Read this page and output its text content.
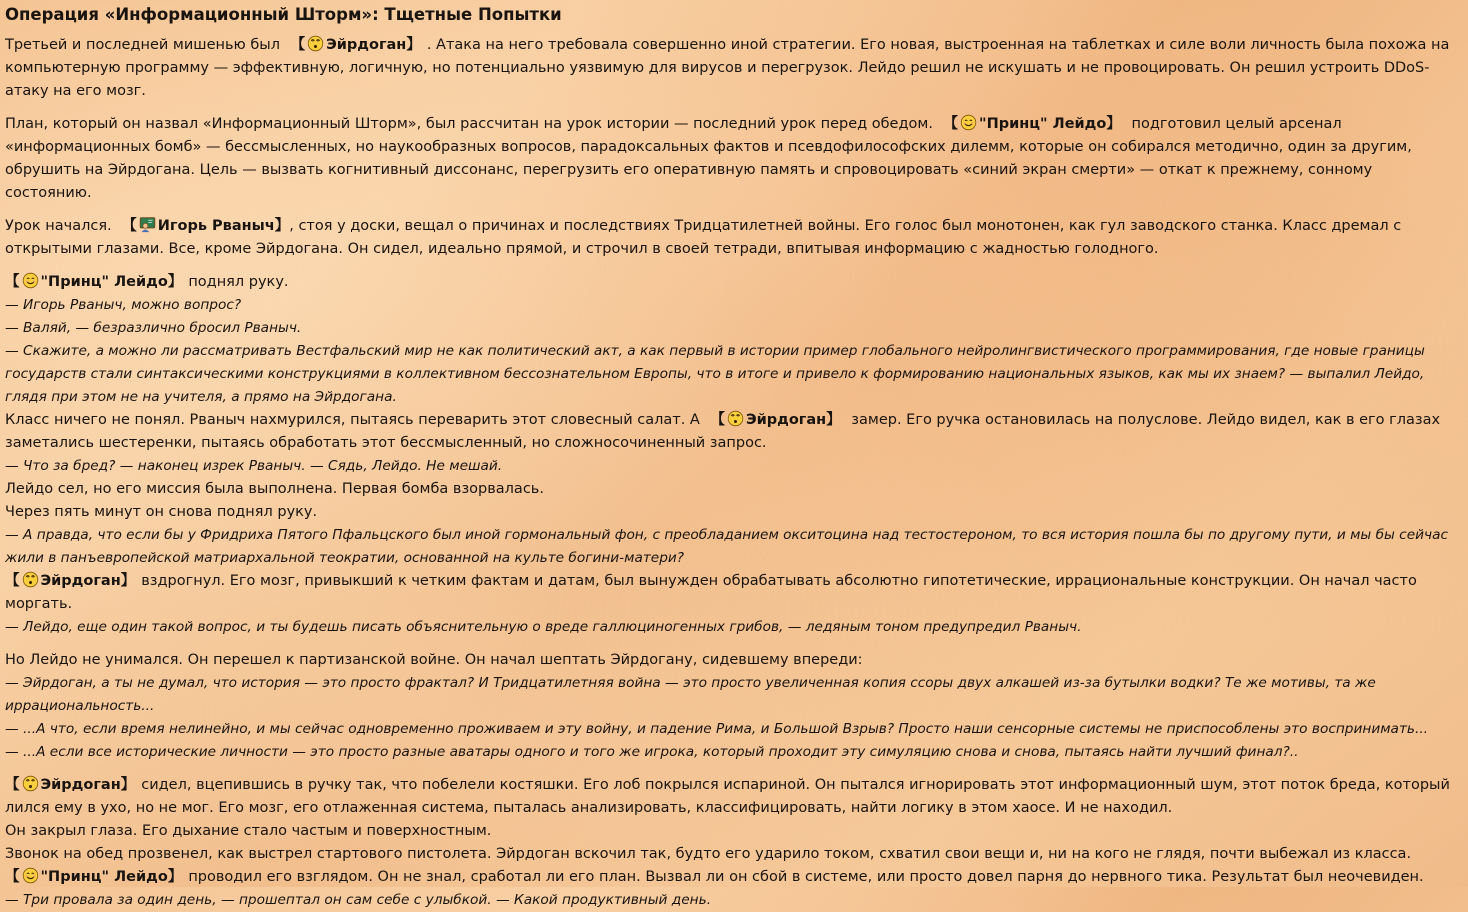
Операция «Информационный Шторм»: Тщетные Попытки
Третьей и последней мишенью был 【 Эйрдоган】 . Атака на него требовала совершенно иной стратегии. Его новая, выстроенная на таблетках и силе воли личность была похожа на компьютерную программу — эффективную, логичную, но потенциально уязвимую для вирусов и перегрузок. Лейдо решил не искушать и не провоцировать. Он решил устроить DDoS-атаку на его мозг.
План, который он назвал «Информационный Шторм», был рассчитан на урок истории — последний урок перед обедом. 【 "Принц" Лейдо】 подготовил целый арсенал «информационных бомб» — бессмысленных, но наукообразных вопросов, парадоксальных фактов и псевдофилософских дилемм, которые он собирался методично, один за другим, обрушить на Эйрдогана. Цель — вызвать когнитивный диссонанс, перегрузить его оперативную память и спровоцировать «синий экран смерти» — откат к прежнему, сонному состоянию.
Урок начался. 【 Игорь Рваныч】, стоя у доски, вещал о причинах и последствиях Тридцатилетней войны. Его голос был монотонен, как гул заводского станка. Класс дремал с открытыми глазами. Все, кроме Эйрдогана. Он сидел, идеально прямой, и строчил в своей тетради, впитывая информацию с жадностью голодного.
【 "Принц" Лейдо】 поднял руку.
— Игорь Рваныч, можно вопрос?
— Валяй, — безразлично бросил Рваныч.
— Скажите, а можно ли рассматривать Вестфальский мир не как политический акт, а как первый в истории пример глобального нейролингвистического программирования, где новые границы государств стали синтаксическими конструкциями в коллективном бессознательном Европы, что в итоге и привело к формированию национальных языков, как мы их знаем? — выпалил Лейдо, глядя при этом не на учителя, а прямо на Эйрдогана.
Класс ничего не понял. Рваныч нахмурился, пытаясь переварить этот словесный салат. А 【 Эйрдоган】 замер. Его ручка остановилась на полуслове. Лейдо видел, как в его глазах заметались шестеренки, пытаясь обработать этот бессмысленный, но сложносочиненный запрос.
— Что за бред? — наконец изрек Рваныч. — Сядь, Лейдо. Не мешай.
Лейдо сел, но его миссия была выполнена. Первая бомба взорвалась.
Через пять минут он снова поднял руку.
— А правда, что если бы у Фридриха Пятого Пфальцского был иной гормональный фон, с преобладанием окситоцина над тестостероном, то вся история пошла бы по другому пути, и мы бы сейчас жили в панъевропейской матриархальной теократии, основанной на культе богини-матери?
【 Эйрдоган】 вздрогнул. Его мозг, привыкший к четким фактам и датам, был вынужден обрабатывать абсолютно гипотетические, иррациональные конструкции. Он начал часто моргать.
— Лейдо, еще один такой вопрос, и ты будешь писать объяснительную о вреде галлюциногенных грибов, — ледяным тоном предупредил Рваныч.
Но Лейдо не унимался. Он перешел к партизанской войне. Он начал шептать Эйрдогану, сидевшему впереди:
— Эйрдоган, а ты не думал, что история — это просто фрактал? И Тридцатилетняя война — это просто увеличенная копия ссоры двух алкашей из-за бутылки водки? Те же мотивы, та же иррациональность...
— ...А что, если время нелинейно, и мы сейчас одновременно проживаем и эту войну, и падение Рима, и Большой Взрыв? Просто наши сенсорные системы не приспособлены это воспринимать...
— ...А если все исторические личности — это просто разные аватары одного и того же игрока, который проходит эту симуляцию снова и снова, пытаясь найти лучший финал?..
【 Эйрдоган】 сидел, вцепившись в ручку так, что побелели костяшки. Его лоб покрылся испариной. Он пытался игнорировать этот информационный шум, этот поток бреда, который лился ему в ухо, но не мог. Его мозг, его отлаженная система, пыталась анализировать, классифицировать, найти логику в этом хаосе. И не находил.
Он закрыл глаза. Его дыхание стало частым и поверхностным.
Звонок на обед прозвенел, как выстрел стартового пистолета. Эйрдоган вскочил так, будто его ударило током, схватил свои вещи и, ни на кого не глядя, почти выбежал из класса.
【 "Принц" Лейдо】 проводил его взглядом. Он не знал, сработал ли его план. Вызвал ли он сбой в системе, или просто довел парня до нервного тика. Результат был неочевиден.
— Три провала за один день, — прошептал он сам себе с улыбкой. — Какой продуктивный день.
